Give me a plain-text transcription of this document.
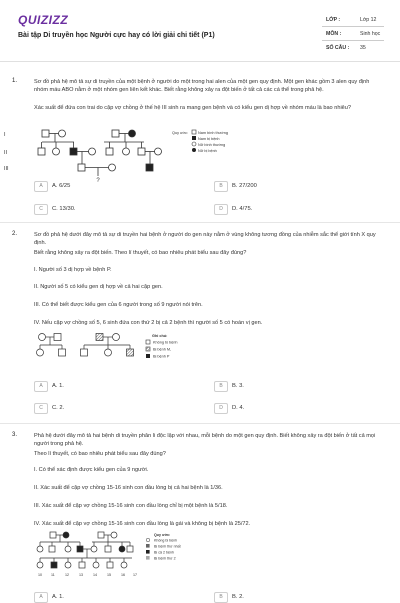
QUIZIZZ
Bài tập Di truyền học Người cực hay có lời giải chi tiết (P1)
LỚP :	Lớp 12
MÔN :	Sinh học
SỐ CÂU : 35
1.	Sơ đồ phả hệ mô tả sự di truyền của một bệnh ở người do một trong hai alen của một gen quy định. Một gen khác gồm 3 alen quy định nhóm máu ABO nằm ở một nhóm gen liên kết khác. Biết rằng không xảy ra đột biến ở tất cả các cá thể trong phả hệ.
Xác suất để đứa con trai do cặp vợ chồng ở thế hệ III sinh ra mang gen bệnh và có kiểu gen dị hợp về nhóm máu là bao nhiêu?
?
I
II
III
Quy ước:	Nam bình thường
Nam bị bệnh
Nữ bình thường
Nữ bị bệnh
A	A. 6/25	B	B. 27/200
C	C. 13/30.	D	D. 4/75.
2.	Sơ đồ phả hệ dưới đây mô tả sự di truyền hai bệnh ở người do gen này nằm ở vùng không tương đồng của nhiễm sắc thể giới tính X quy định.
Biết rằng không xảy ra đột biến. Theo lí thuyết, có bao nhiêu phát biểu sau đây đúng?
I. Người số 3 dị hợp về bệnh P.
II. Người số 5 có kiểu gen dị hợp về cả hai cặp gen.
III. Có thể biết được kiểu gen của 6 người trong số 9 người nói trên.
IV. Nếu cặp vợ chồng số 5, 6 sinh đứa con thứ 2 bị cả 2 bệnh thì người số 5 có hoán vị gen.
Ghi chú:
Không bị bệnh
Bị bệnh M,
Bị bệnh P
A	A. 1.	B	B. 3.
C	C. 2.	D	D. 4.
3.	Phả hệ dưới đây mô tả hai bệnh di truyền phân li độc lập với nhau, mỗi bệnh do một gen quy định. Biết không xảy ra đột biến ở tất cả mọi người trong phả hệ.
Theo lí thuyết, có bao nhiêu phát biểu sau đây đúng?
I. Có thể xác định được kiểu gen của 9 người.
II. Xác suất để cặp vợ chồng 15-16 sinh con đầu lòng bị cả hai bệnh là 1/36.
III. Xác suất để cặp vợ chồng 15-16 sinh con đầu lòng chỉ bị một bệnh là 5/18.
IV. Xác suất để cặp vợ chồng 15-16 sinh con đầu lòng là gái và không bị bệnh là 25/72.
10	11	12	13	14	15	16 17
Quy ước:
Không bị bệnh
Bị bệnh thứ nhất
Bị cả 2 bệnh
Bị bệnh thứ 2
A	A. 1.	B	B. 2.
